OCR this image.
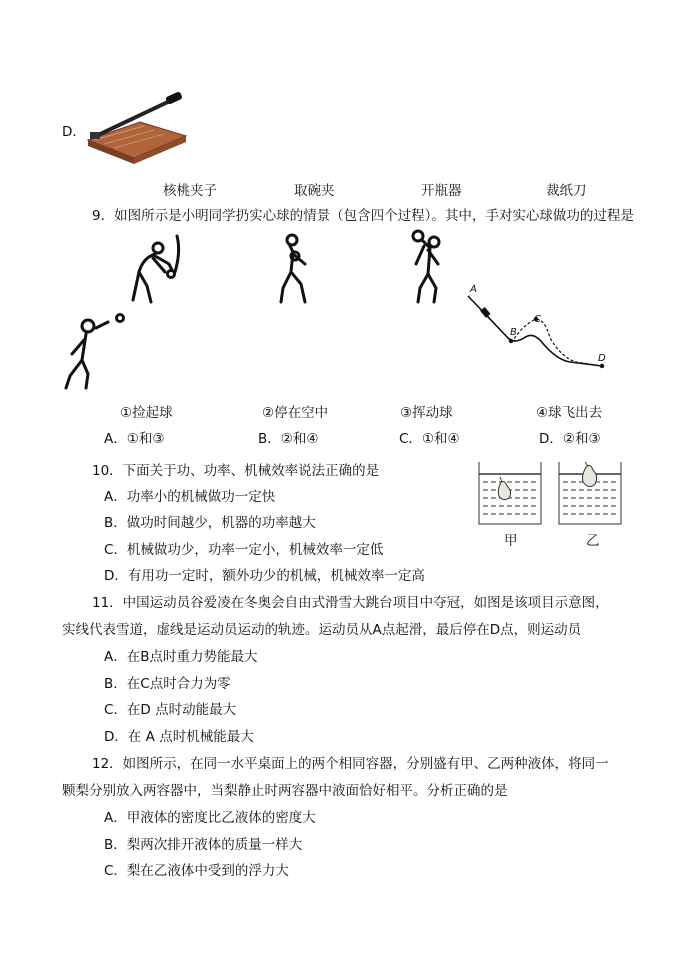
D．
核桃夹子	取碗夹	开瓶器	裁纸刀
9．如图所示是小明同学扔实心球的情景（包含四个过程）。其中，手对实心球做功的过程是
A
B
C
D
①捡起球	②停在空中	③挥动球	④球飞出去
A．①和③	B．②和④	C．①和④	D．②和③
10．下面关于功、功率、机械效率说法正确的是
A．功率小的机械做功一定快
B．做功时间越少，机器的功率越大
C．机械做功少，功率一定小，机械效率一定低
D．有用功一定时，额外功少的机械，机械效率一定高
甲	乙
11．中国运动员谷爱凌在冬奥会自由式滑雪大跳台项目中夺冠，如图是该项目示意图，
实线代表雪道，虚线是运动员运动的轨迹。运动员从A点起滑，最后停在D点，则运动员
A．在B点时重力势能最大
B．在C点时合力为零
C．在D 点时动能最大
D．在 A 点时机械能最大
12．如图所示，在同一水平桌面上的两个相同容器，分别盛有甲、乙两种液体，将同一
颗梨分别放入两容器中，当梨静止时两容器中液面恰好相平。分析正确的是
A．甲液体的密度比乙液体的密度大
B．梨两次排开液体的质量一样大
C．梨在乙液体中受到的浮力大
